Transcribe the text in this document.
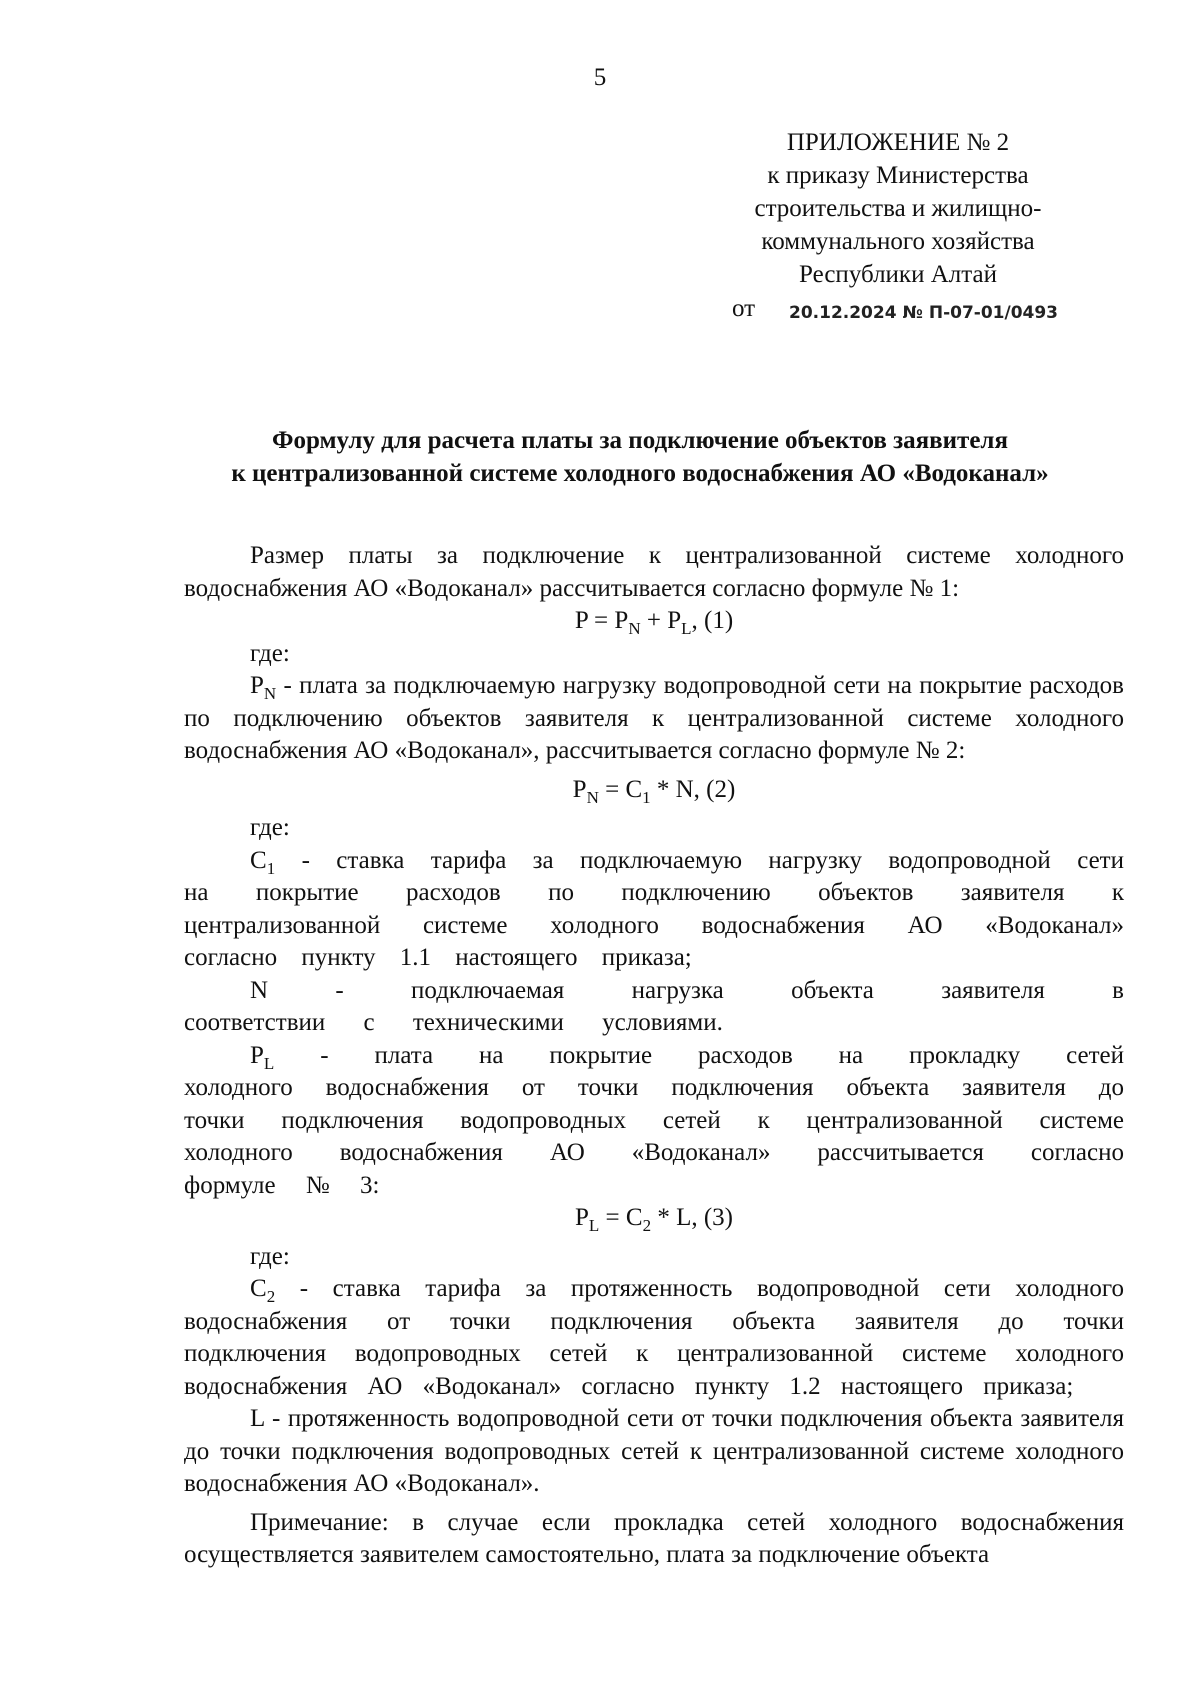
5
ПРИЛОЖЕНИЕ № 2
к приказу Министерства
строительства и жилищно-
коммунального хозяйства
Республики Алтай
от 20.12.2024 № П-07-01/0493
Формулу для расчета платы за подключение объектов заявителя
к централизованной системе холодного водоснабжения АО «Водоканал»

Размер платы за подключение к централизованной системе холодного водоснабжения АО «Водоканал» рассчитывается согласно формуле № 1:

$P = P_N + P_L$, (1)

где:

$P_N$ - плата за подключаемую нагрузку водопроводной сети на покрытие расходов по подключению объектов заявителя к централизованной системе холодного водоснабжения АО «Водоканал», рассчитывается согласно формуле № 2:

$P_N = C_1 * N$, (2)

где:

$C_1$ - ставка тарифа за подключаемую нагрузку водопроводной сети на покрытие расходов по подключению объектов заявителя к централизованной системе холодного водоснабжения АО «Водоканал» согласно пункту 1.1 настоящего приказа;

N - подключаемая нагрузка объекта заявителя в соответствии с техническими условиями.

$P_L$ - плата на покрытие расходов на прокладку сетей холодного водоснабжения от точки подключения объекта заявителя до точки подключения водопроводных сетей к централизованной системе холодного водоснабжения АО «Водоканал» рассчитывается согласно формуле № 3:

$P_L = C_2 * L$, (3)

где:

$C_2$ - ставка тарифа за протяженность водопроводной сети холодного водоснабжения от точки подключения объекта заявителя до точки подключения водопроводных сетей к централизованной системе холодного водоснабжения АО «Водоканал» согласно пункту 1.2 настоящего приказа;

L - протяженность водопроводной сети от точки подключения объекта заявителя до точки подключения водопроводных сетей к централизованной системе холодного водоснабжения АО «Водоканал».

Примечание: в случае если прокладка сетей холодного водоснабжения осуществляется заявителем самостоятельно, плата за подключение объекта
